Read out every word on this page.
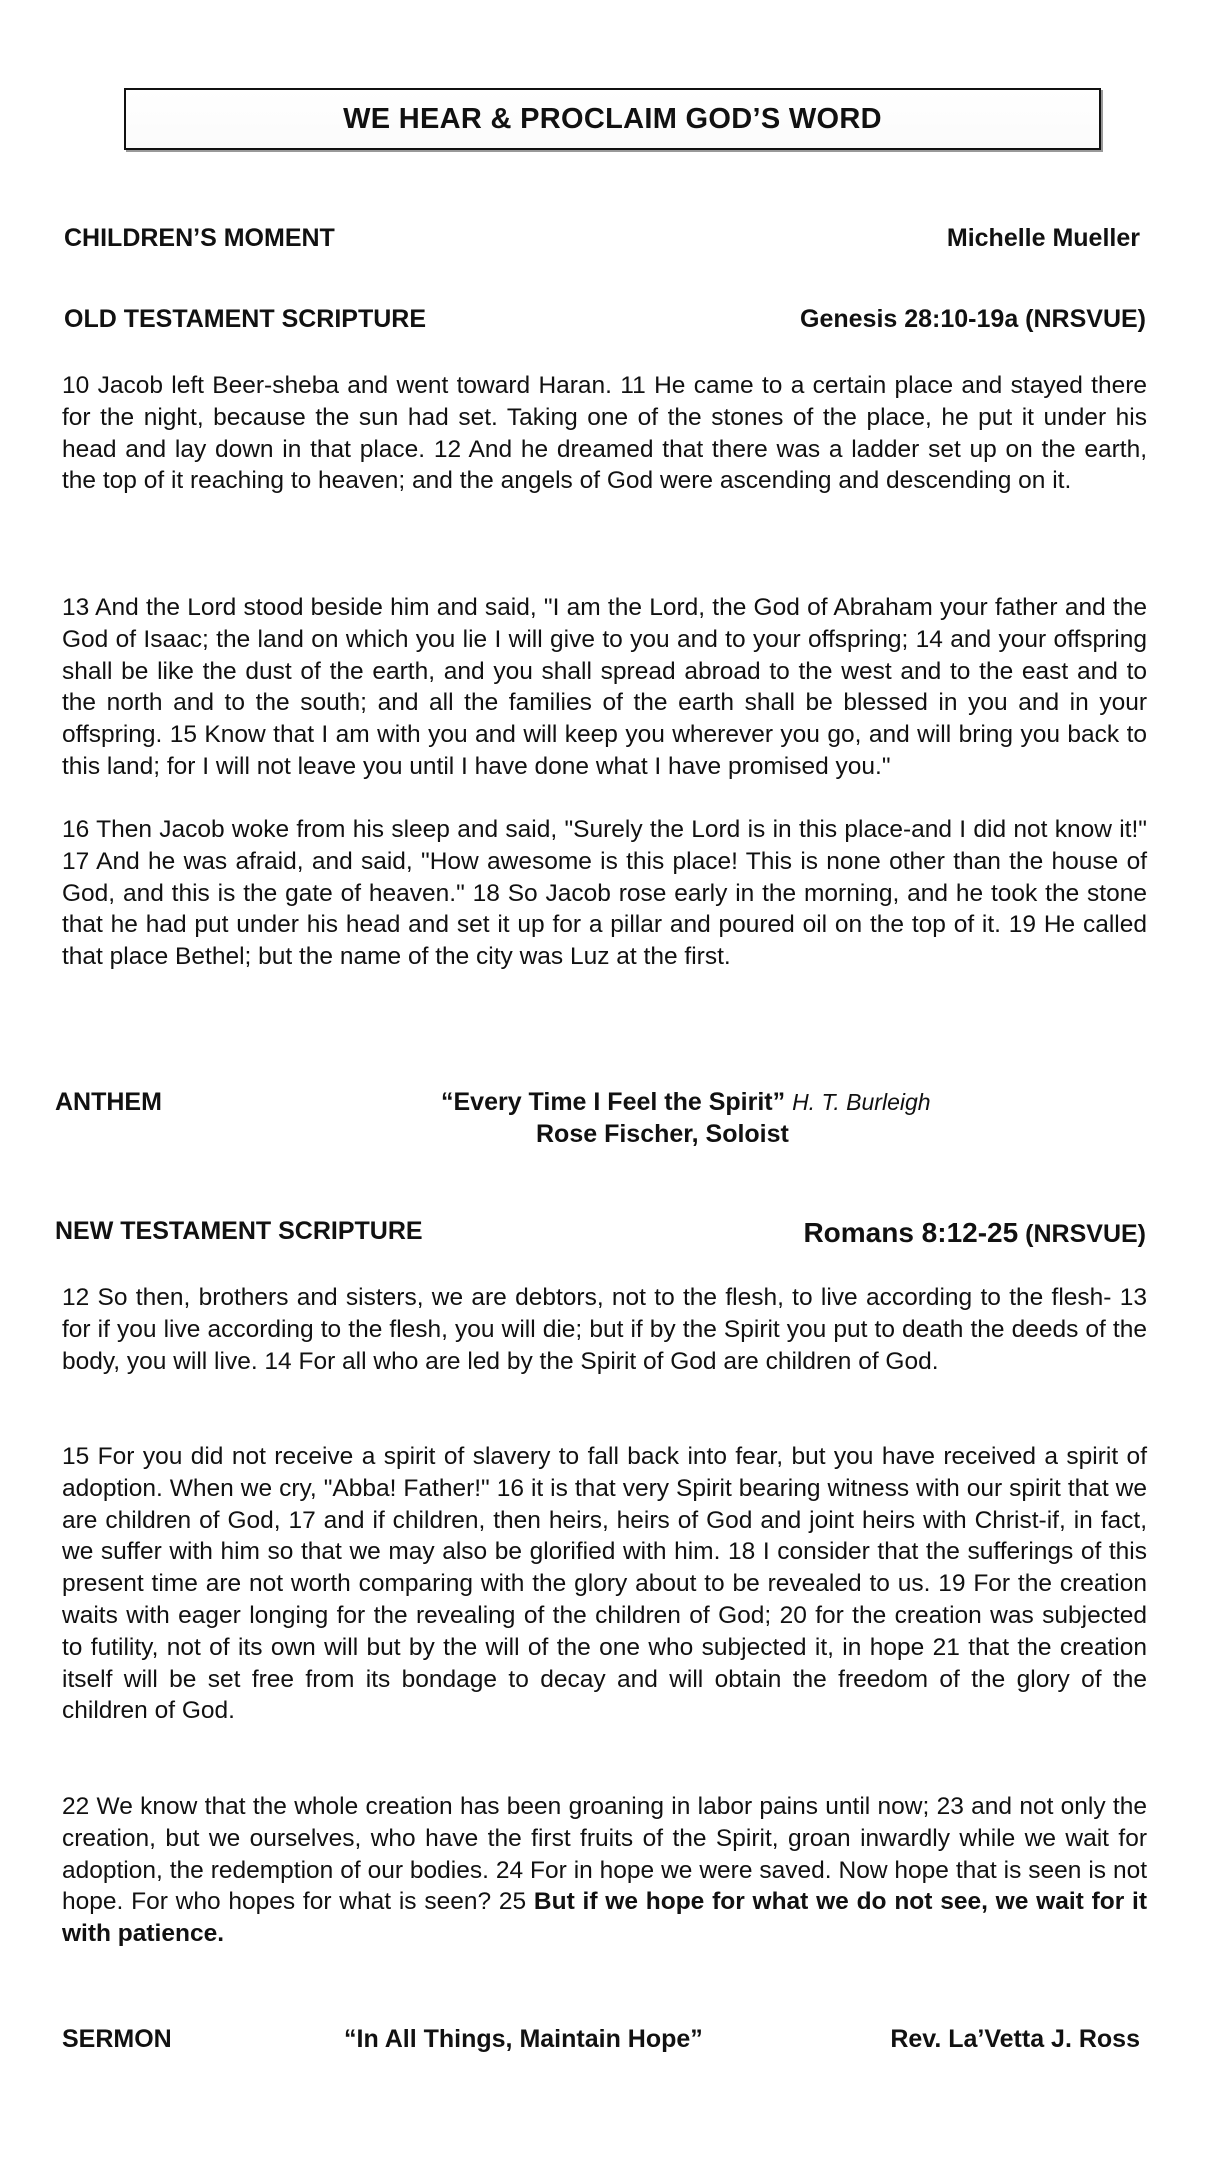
WE HEAR & PROCLAIM GOD’S WORD
CHILDREN’S MOMENT	Michelle Mueller
OLD TESTAMENT SCRIPTURE	Genesis 28:10-19a (NRSVUE)

10 Jacob left Beer-sheba and went toward Haran. 11 He came to a certain place and stayed there for the night, because the sun had set. Taking one of the stones of the place, he put it under his head and lay down in that place. 12 And he dreamed that there was a ladder set up on the earth, the top of it reaching to heaven; and the angels of God were ascending and descending on it.

13 And the Lord stood beside him and said, "I am the Lord, the God of Abraham your father and the God of Isaac; the land on which you lie I will give to you and to your offspring; 14 and your offspring shall be like the dust of the earth, and you shall spread abroad to the west and to the east and to the north and to the south; and all the families of the earth shall be blessed in you and in your offspring. 15 Know that I am with you and will keep you wherever you go, and will bring you back to this land; for I will not leave you until I have done what I have promised you."

16 Then Jacob woke from his sleep and said, "Surely the Lord is in this place-and I did not know it!" 17 And he was afraid, and said, "How awesome is this place! This is none other than the house of God, and this is the gate of heaven." 18 So Jacob rose early in the morning, and he took the stone that he had put under his head and set it up for a pillar and poured oil on the top of it. 19 He called that place Bethel; but the name of the city was Luz at the first.

ANTHEM	“Every Time I Feel the Spirit” H. T. Burleigh
Rose Fischer, Soloist
NEW TESTAMENT SCRIPTURE	Romans 8:12-25 (NRSVUE)

12 So then, brothers and sisters, we are debtors, not to the flesh, to live according to the flesh- 13 for if you live according to the flesh, you will die; but if by the Spirit you put to death the deeds of the body, you will live. 14 For all who are led by the Spirit of God are children of God.

15 For you did not receive a spirit of slavery to fall back into fear, but you have received a spirit of adoption. When we cry, "Abba! Father!" 16 it is that very Spirit bearing witness with our spirit that we are children of God, 17 and if children, then heirs, heirs of God and joint heirs with Christ-if, in fact, we suffer with him so that we may also be glorified with him. 18 I consider that the sufferings of this present time are not worth comparing with the glory about to be revealed to us. 19 For the creation waits with eager longing for the revealing of the children of God; 20 for the creation was subjected to futility, not of its own will but by the will of the one who subjected it, in hope 21 that the creation itself will be set free from its bondage to decay and will obtain the freedom of the glory of the children of God.

22 We know that the whole creation has been groaning in labor pains until now; 23 and not only the creation, but we ourselves, who have the first fruits of the Spirit, groan inwardly while we wait for adoption, the redemption of our bodies. 24 For in hope we were saved. Now hope that is seen is not hope. For who hopes for what is seen? 25 But if we hope for what we do not see, we wait for it with patience.

SERMON	“In All Things, Maintain Hope”	Rev. La’Vetta J. Ross
